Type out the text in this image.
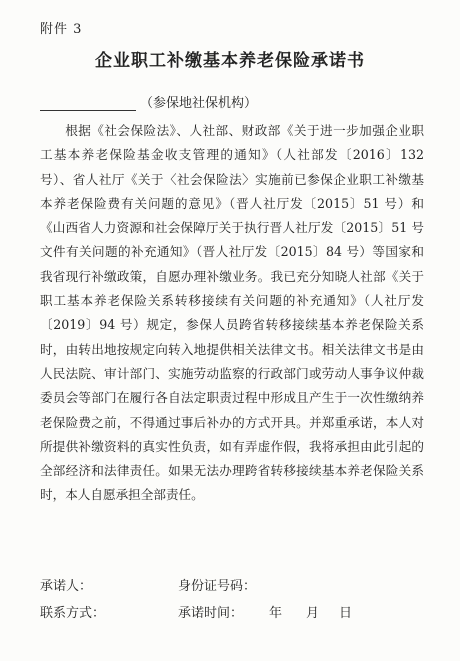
附件 3
企业职工补缴基本养老保险承诺书
（参保地社保机构）

根据《社会保险法》、人社部、财政部《关于进一步加强企业职工基本养老保险基金收支管理的通知》（人社部发〔2016〕132 号）、省人社厅《关于〈社会保险法〉实施前已参保企业职工补缴基本养老保险费有关问题的意见》（晋人社厅发〔2015〕51 号）和《山西省人力资源和社会保障厅关于执行晋人社厅发〔2015〕51 号文件有关问题的补充通知》（晋人社厅发〔2015〕84 号）等国家和我省现行补缴政策，自愿办理补缴业务。我已充分知晓人社部《关于职工基本养老保险关系转移接续有关问题的补充通知》（人社厅发〔2019〕94 号）规定，参保人员跨省转移接续基本养老保险关系时，由转出地按规定向转入地提供相关法律文书。相关法律文书是由人民法院、审计部门、实施劳动监察的行政部门或劳动人事争议仲裁委员会等部门在履行各自法定职责过程中形成且产生于一次性缴纳养老保险费之前，不得通过事后补办的方式开具。并郑重承诺，本人对所提供补缴资料的真实性负责，如有弄虚作假，我将承担由此引起的全部经济和法律责任。如果无法办理跨省转移接续基本养老保险关系时，本人自愿承担全部责任。

承诺人：	身份证号码：
联系方式：	承诺时间： 年 月 日
